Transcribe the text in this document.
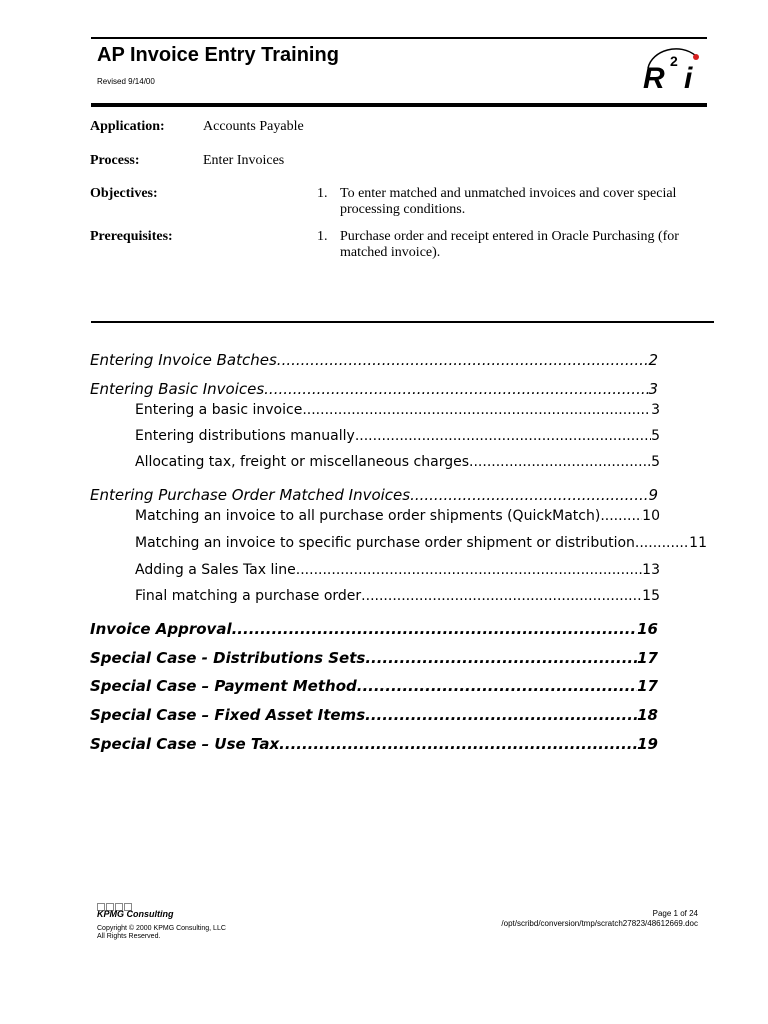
AP Invoice Entry Training
Revised 9/14/00	R
2
i
Application:	Accounts Payable
Process:	Enter Invoices
Objectives:	1. To enter matched and unmatched invoices and cover special processing conditions.
Prerequisites:	1. Purchase order and receipt entered in Oracle Purchasing (for matched invoice).
Entering Invoice Batches .....	2
Entering Basic Invoices .....	3
Entering a basic invoice .....	3
Entering distributions manually .....	5
Allocating tax, freight or miscellaneous charges .....	5
Entering Purchase Order Matched Invoices .....	9
Matching an invoice to all purchase order shipments (QuickMatch) .....	10
Matching an invoice to specific purchase order shipment or distribution. .....	11
Adding a Sales Tax line .....	13
Final matching a purchase order .....	15
Invoice Approval .....	16
Special Case - Distributions Sets .....	17
Special Case – Payment Method .....	17
Special Case – Fixed Asset Items .....	18
Special Case – Use Tax .....	19
KPMG Consulting
Copyright © 2000 KPMG Consulting, LLC
All Rights Reserved.
Page 1 of 24
/opt/scribd/conversion/tmp/scratch27823/48612669.doc
